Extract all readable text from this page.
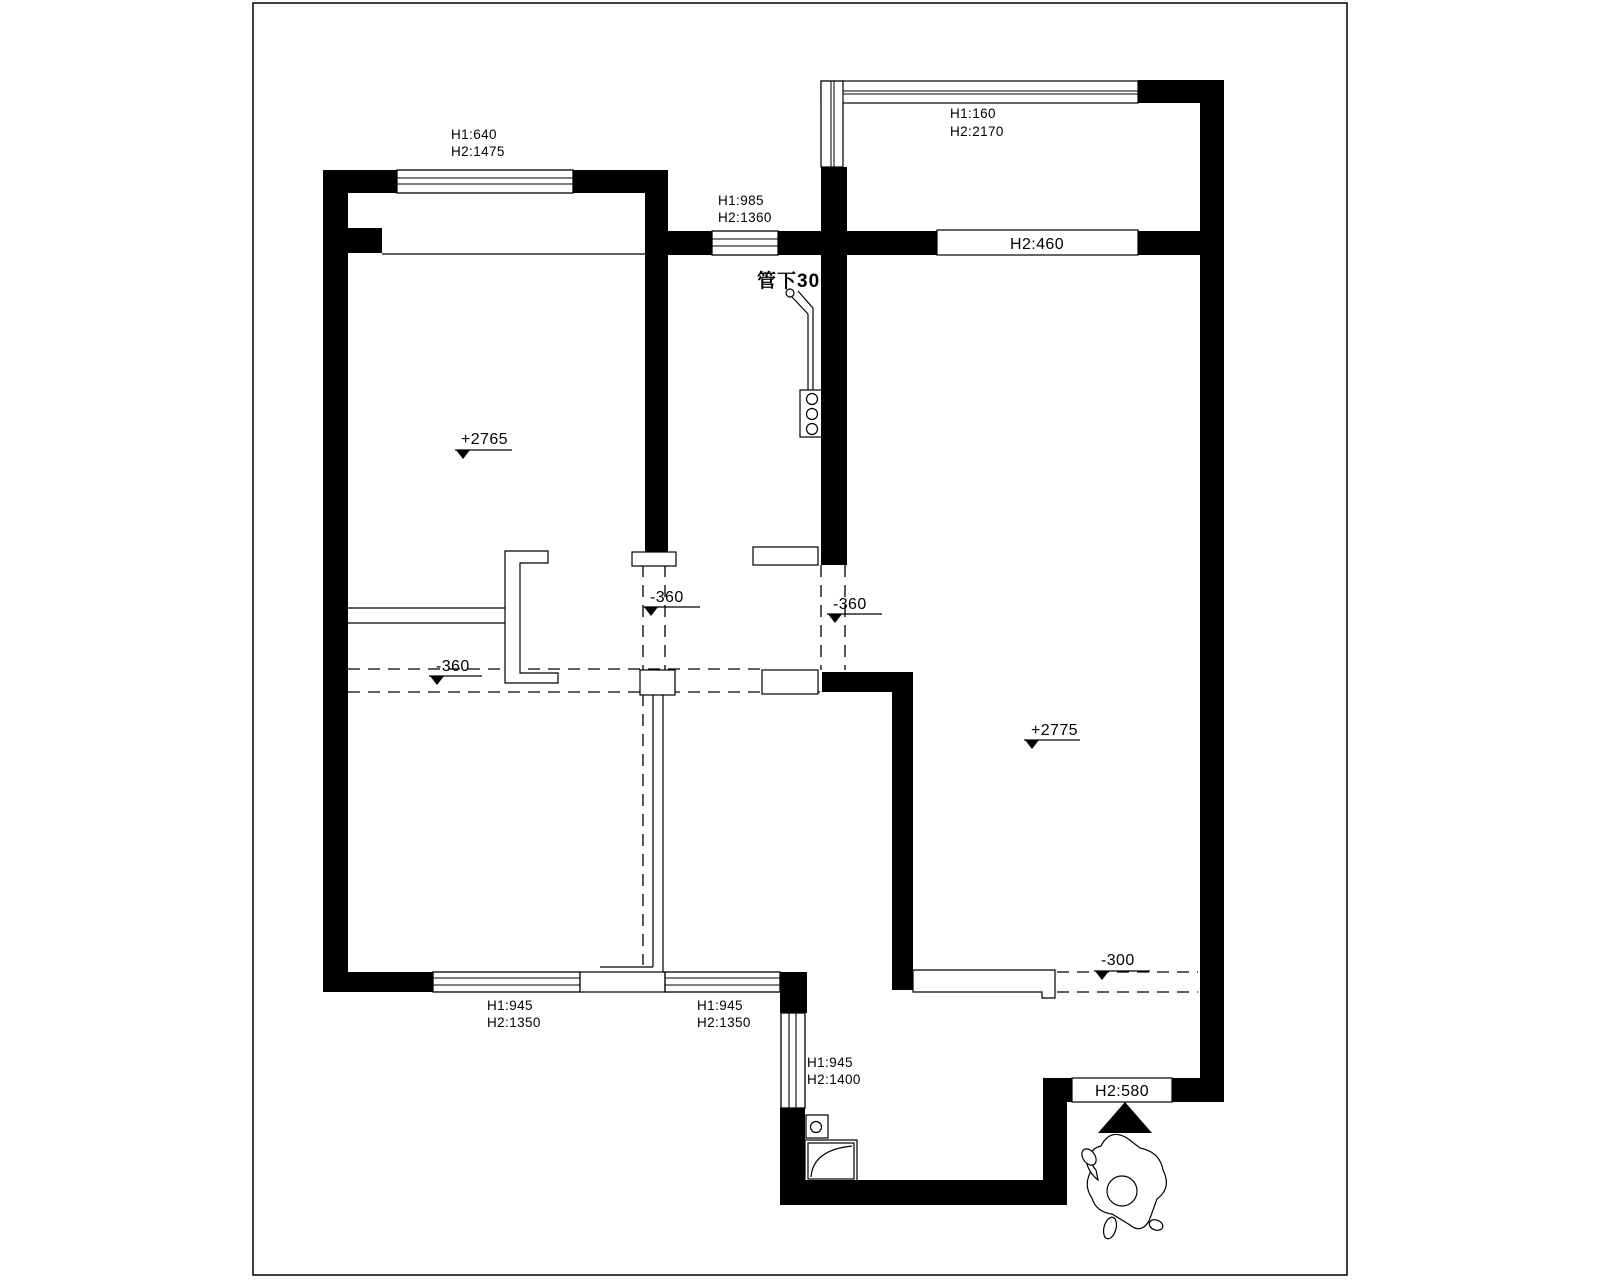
H2:460
H2:580
管下300
+2765
+2775
-360	-360
-360
-300
H1:640
H2:1475
H1:985
H2:1360
H1:160
H2:2170
H1:945
H2:1350
H1:945
H2:1350
H1:945
H2:1400
